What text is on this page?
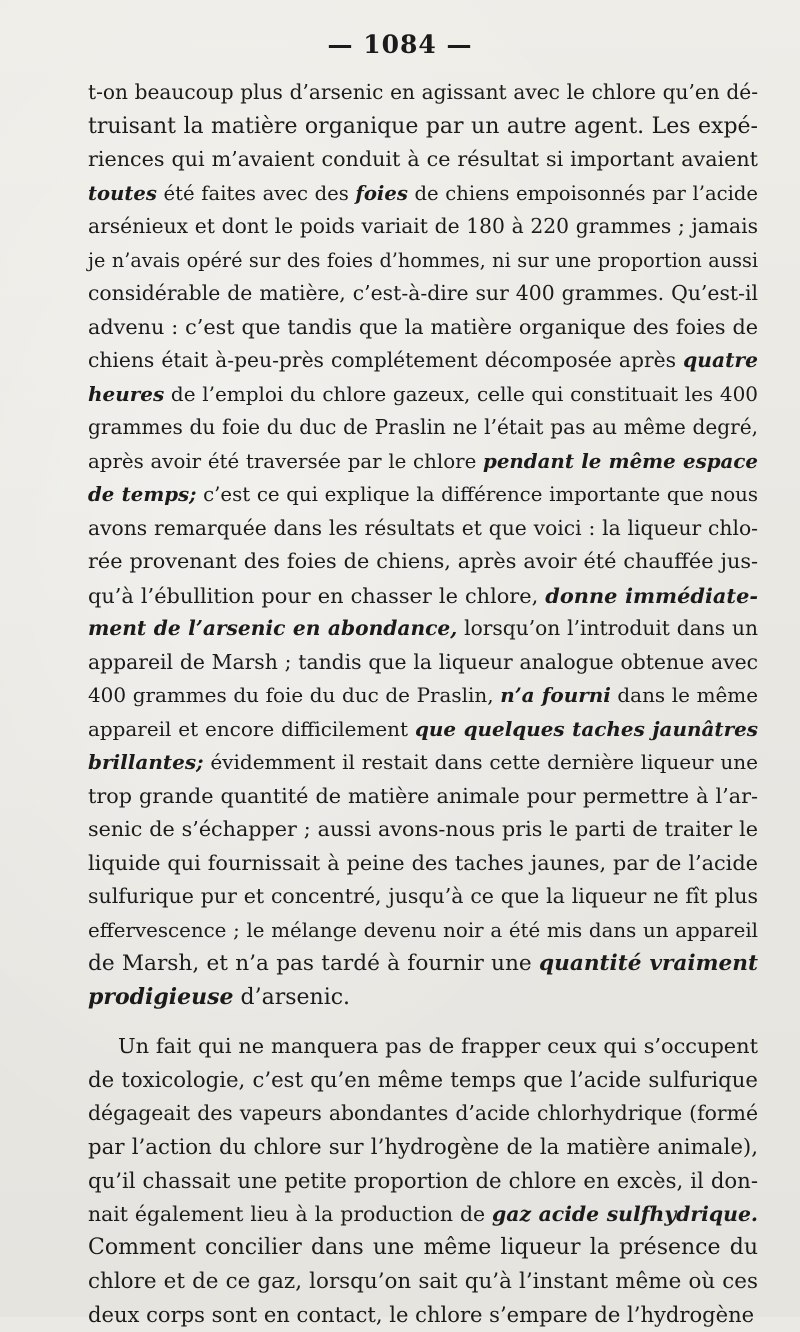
— 1084 —
t-on beaucoup plus d’arsenic en agissant avec le chlore qu’en dé-
truisant la matière organique par un autre agent. Les expé-
riences qui m’avaient conduit à ce résultat si important avaient
toutes été faites avec des foies de chiens empoisonnés par l’acide
arsénieux et dont le poids variait de 180 à 220 grammes ; jamais
je n’avais opéré sur des foies d’hommes, ni sur une proportion aussi
considérable de matière, c’est-à-dire sur 400 grammes. Qu’est-il
advenu : c’est que tandis que la matière organique des foies de
chiens était à-peu-près complétement décomposée après quatre
heures de l’emploi du chlore gazeux, celle qui constituait les 400
grammes du foie du duc de Praslin ne l’était pas au même degré,
après avoir été traversée par le chlore pendant le même espace
de temps; c’est ce qui explique la différence importante que nous
avons remarquée dans les résultats et que voici : la liqueur chlo-
rée provenant des foies de chiens, après avoir été chauffée jus-
qu’à l’ébullition pour en chasser le chlore, donne immédiate-
ment de l’arsenic en abondance, lorsqu’on l’introduit dans un
appareil de Marsh ; tandis que la liqueur analogue obtenue avec
400 grammes du foie du duc de Praslin, n’a fourni dans le même
appareil et encore difficilement que quelques taches jaunâtres
brillantes; évidemment il restait dans cette dernière liqueur une
trop grande quantité de matière animale pour permettre à l’ar-
senic de s’échapper ; aussi avons-nous pris le parti de traiter le
liquide qui fournissait à peine des taches jaunes, par de l’acide
sulfurique pur et concentré, jusqu’à ce que la liqueur ne fît plus
effervescence ; le mélange devenu noir a été mis dans un appareil
de Marsh, et n’a pas tardé à fournir une quantité vraiment
prodigieuse d’arsenic.
Un fait qui ne manquera pas de frapper ceux qui s’occupent
de toxicologie, c’est qu’en même temps que l’acide sulfurique
dégageait des vapeurs abondantes d’acide chlorhydrique (formé
par l’action du chlore sur l’hydrogène de la matière animale),
qu’il chassait une petite proportion de chlore en excès, il don-
nait également lieu à la production de gaz acide sulfhydrique.
Comment concilier dans une même liqueur la présence du
chlore et de ce gaz, lorsqu’on sait qu’à l’instant même où ces
deux corps sont en contact, le chlore s’empare de l’hydrogène
